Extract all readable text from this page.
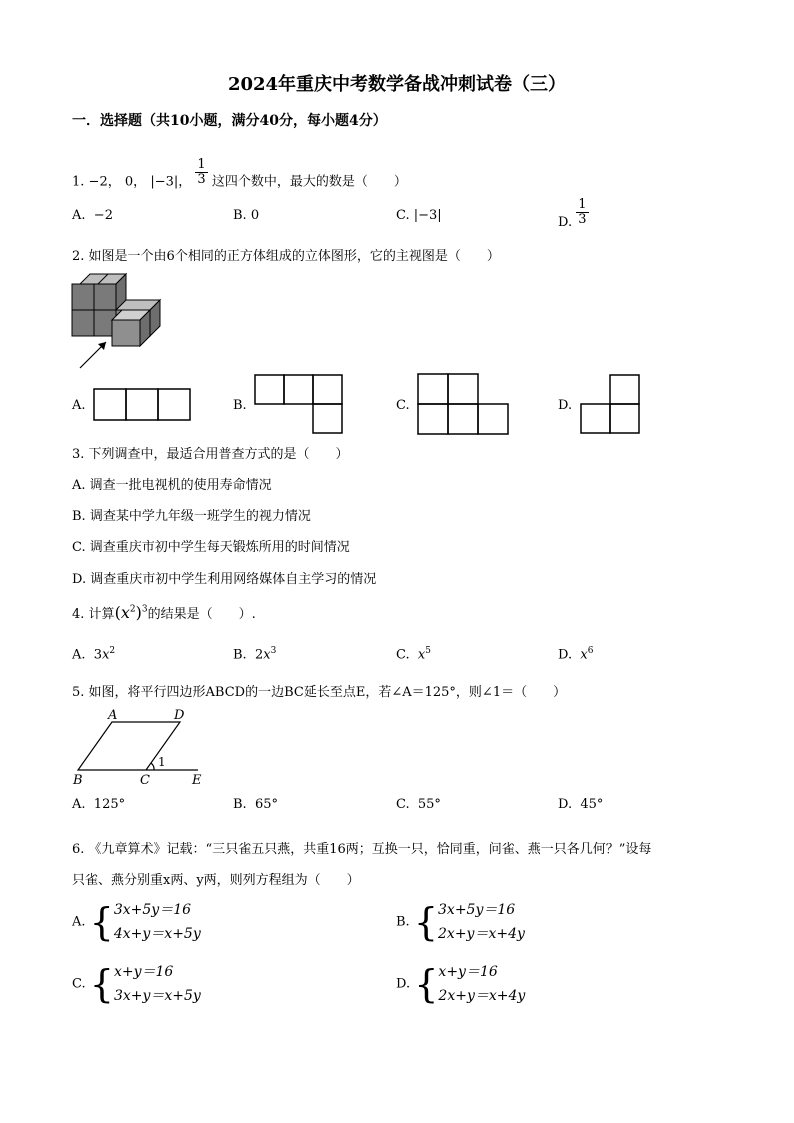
2024年重庆中考数学备战冲刺试卷（三）
一．选择题（共10小题，满分40分，每小题4分）
1. −2， 0， |−3|， $\frac{1}{3}$ 这四个数中，最大的数是（　　）
A. −2	B. 0	C. |−3|	D. $\frac{1}{3}$
2. 如图是一个由6个相同的正方体组成的立体图形，它的主视图是（　　）
A.	B.	C.	D.
3. 下列调查中，最适合用普查方式的是（　　）
A. 调查一批电视机的使用寿命情况
B. 调查某中学九年级一班学生的视力情况
C. 调查重庆市初中学生每天锻炼所用的时间情况
D. 调查重庆市初中学生利用网络媒体自主学习的情况
4. 计算$(x^2)^3$的结果是（　　）.
A. $3x^2$	B. $2x^3$	C. $x^5$	D. $x^6$
5. 如图，将平行四边形ABCD的一边BC延长至点E，若∠A＝125°，则∠1＝（　　）
A	D
B	C	E
1
A. 125°	B. 65°	C. 55°	D. 45°
6. 《九章算术》记载：“三只雀五只燕，共重16两；互换一只，恰同重，问雀、燕一只各几何？”设每
只雀、燕分别重x两、y两，则列方程组为（　　）
A. {3x+5y＝16
4x+y＝x+5y
B. {3x+5y＝16
2x+y＝x+4y
C. {x+y＝16
3x+y＝x+5y
D. {x+y＝16
2x+y＝x+4y
